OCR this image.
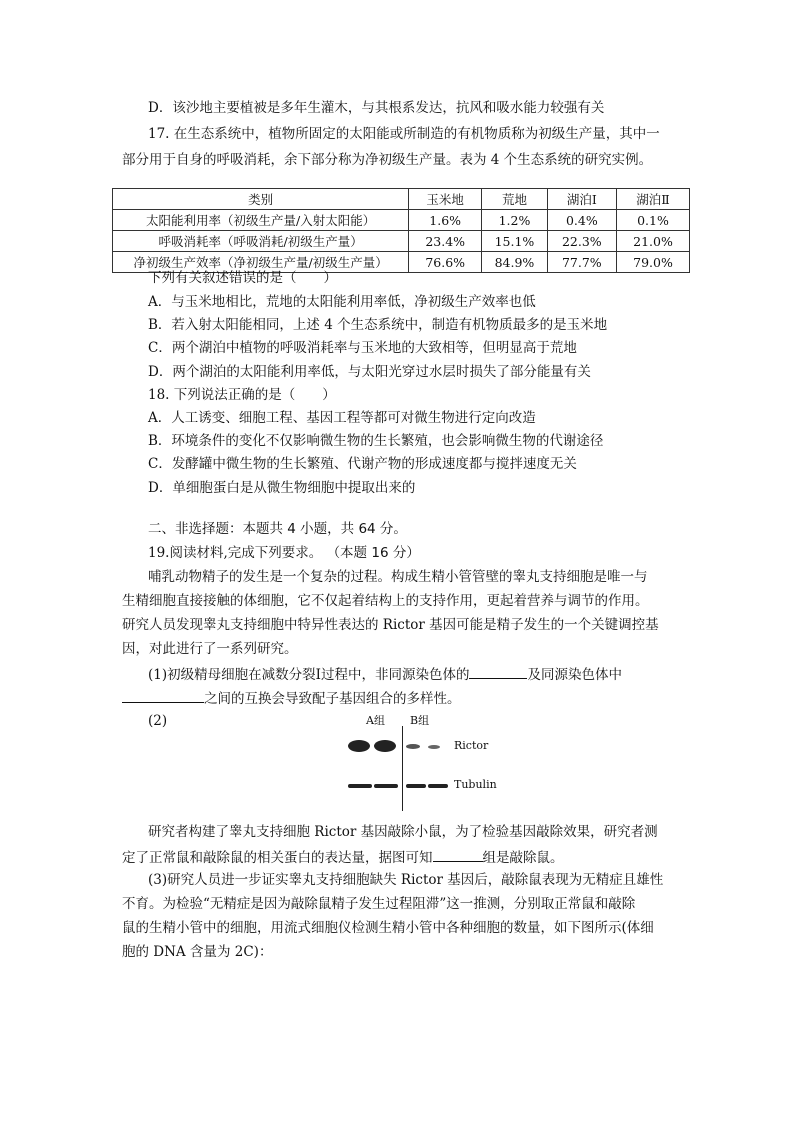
D．该沙地主要植被是多年生灌木，与其根系发达，抗风和吸水能力较强有关
17. 在生态系统中，植物所固定的太阳能或所制造的有机物质称为初级生产量，其中一
部分用于自身的呼吸消耗，余下部分称为净初级生产量。表为 4 个生态系统的研究实例。
类别	玉米地	荒地	湖泊Ⅰ	湖泊Ⅱ
太阳能利用率（初级生产量/入射太阳能）	1.6%	1.2%	0.4%	0.1%
呼吸消耗率（呼吸消耗/初级生产量）	23.4%	15.1%	22.3%	21.0%
净初级生产效率（净初级生产量/初级生产量）	76.6%	84.9%	77.7%	79.0%
下列有关叙述错误的是（　　）
A．与玉米地相比，荒地的太阳能利用率低，净初级生产效率也低
B．若入射太阳能相同，上述 4 个生态系统中，制造有机物质最多的是玉米地
C．两个湖泊中植物的呼吸消耗率与玉米地的大致相等，但明显高于荒地
D．两个湖泊的太阳能利用率低，与太阳光穿过水层时损失了部分能量有关
18. 下列说法正确的是（　　）
A．人工诱变、细胞工程、基因工程等都可对微生物进行定向改造
B．环境条件的变化不仅影响微生物的生长繁殖，也会影响微生物的代谢途径
C．发酵罐中微生物的生长繁殖、代谢产物的形成速度都与搅拌速度无关
D．单细胞蛋白是从微生物细胞中提取出来的
二、非选择题：本题共 4 小题，共 64 分。
19.阅读材料,完成下列要求。 （本题 16 分）
哺乳动物精子的发生是一个复杂的过程。构成生精小管管壁的睾丸支持细胞是唯一与
生精细胞直接接触的体细胞，它不仅起着结构上的支持作用，更起着营养与调节的作用。
研究人员发现睾丸支持细胞中特异性表达的 Rictor 基因可能是精子发生的一个关键调控基
因，对此进行了一系列研究。
(1)初级精母细胞在减数分裂Ⅰ过程中，非同源染色体的	及同源染色体中
之间的互换会导致配子基因组合的多样性。
(2)	A组 B组
Rictor
Tubulin
研究者构建了睾丸支持细胞 Rictor 基因敲除小鼠，为了检验基因敲除效果，研究者测
定了正常鼠和敲除鼠的相关蛋白的表达量，据图可知	组是敲除鼠。
(3)研究人员进一步证实睾丸支持细胞缺失 Rictor 基因后，敲除鼠表现为无精症且雄性
不育。为检验“无精症是因为敲除鼠精子发生过程阻滞”这一推测，分别取正常鼠和敲除
鼠的生精小管中的细胞，用流式细胞仪检测生精小管中各种细胞的数量，如下图所示(体细
胞的 DNA 含量为 2C)：
